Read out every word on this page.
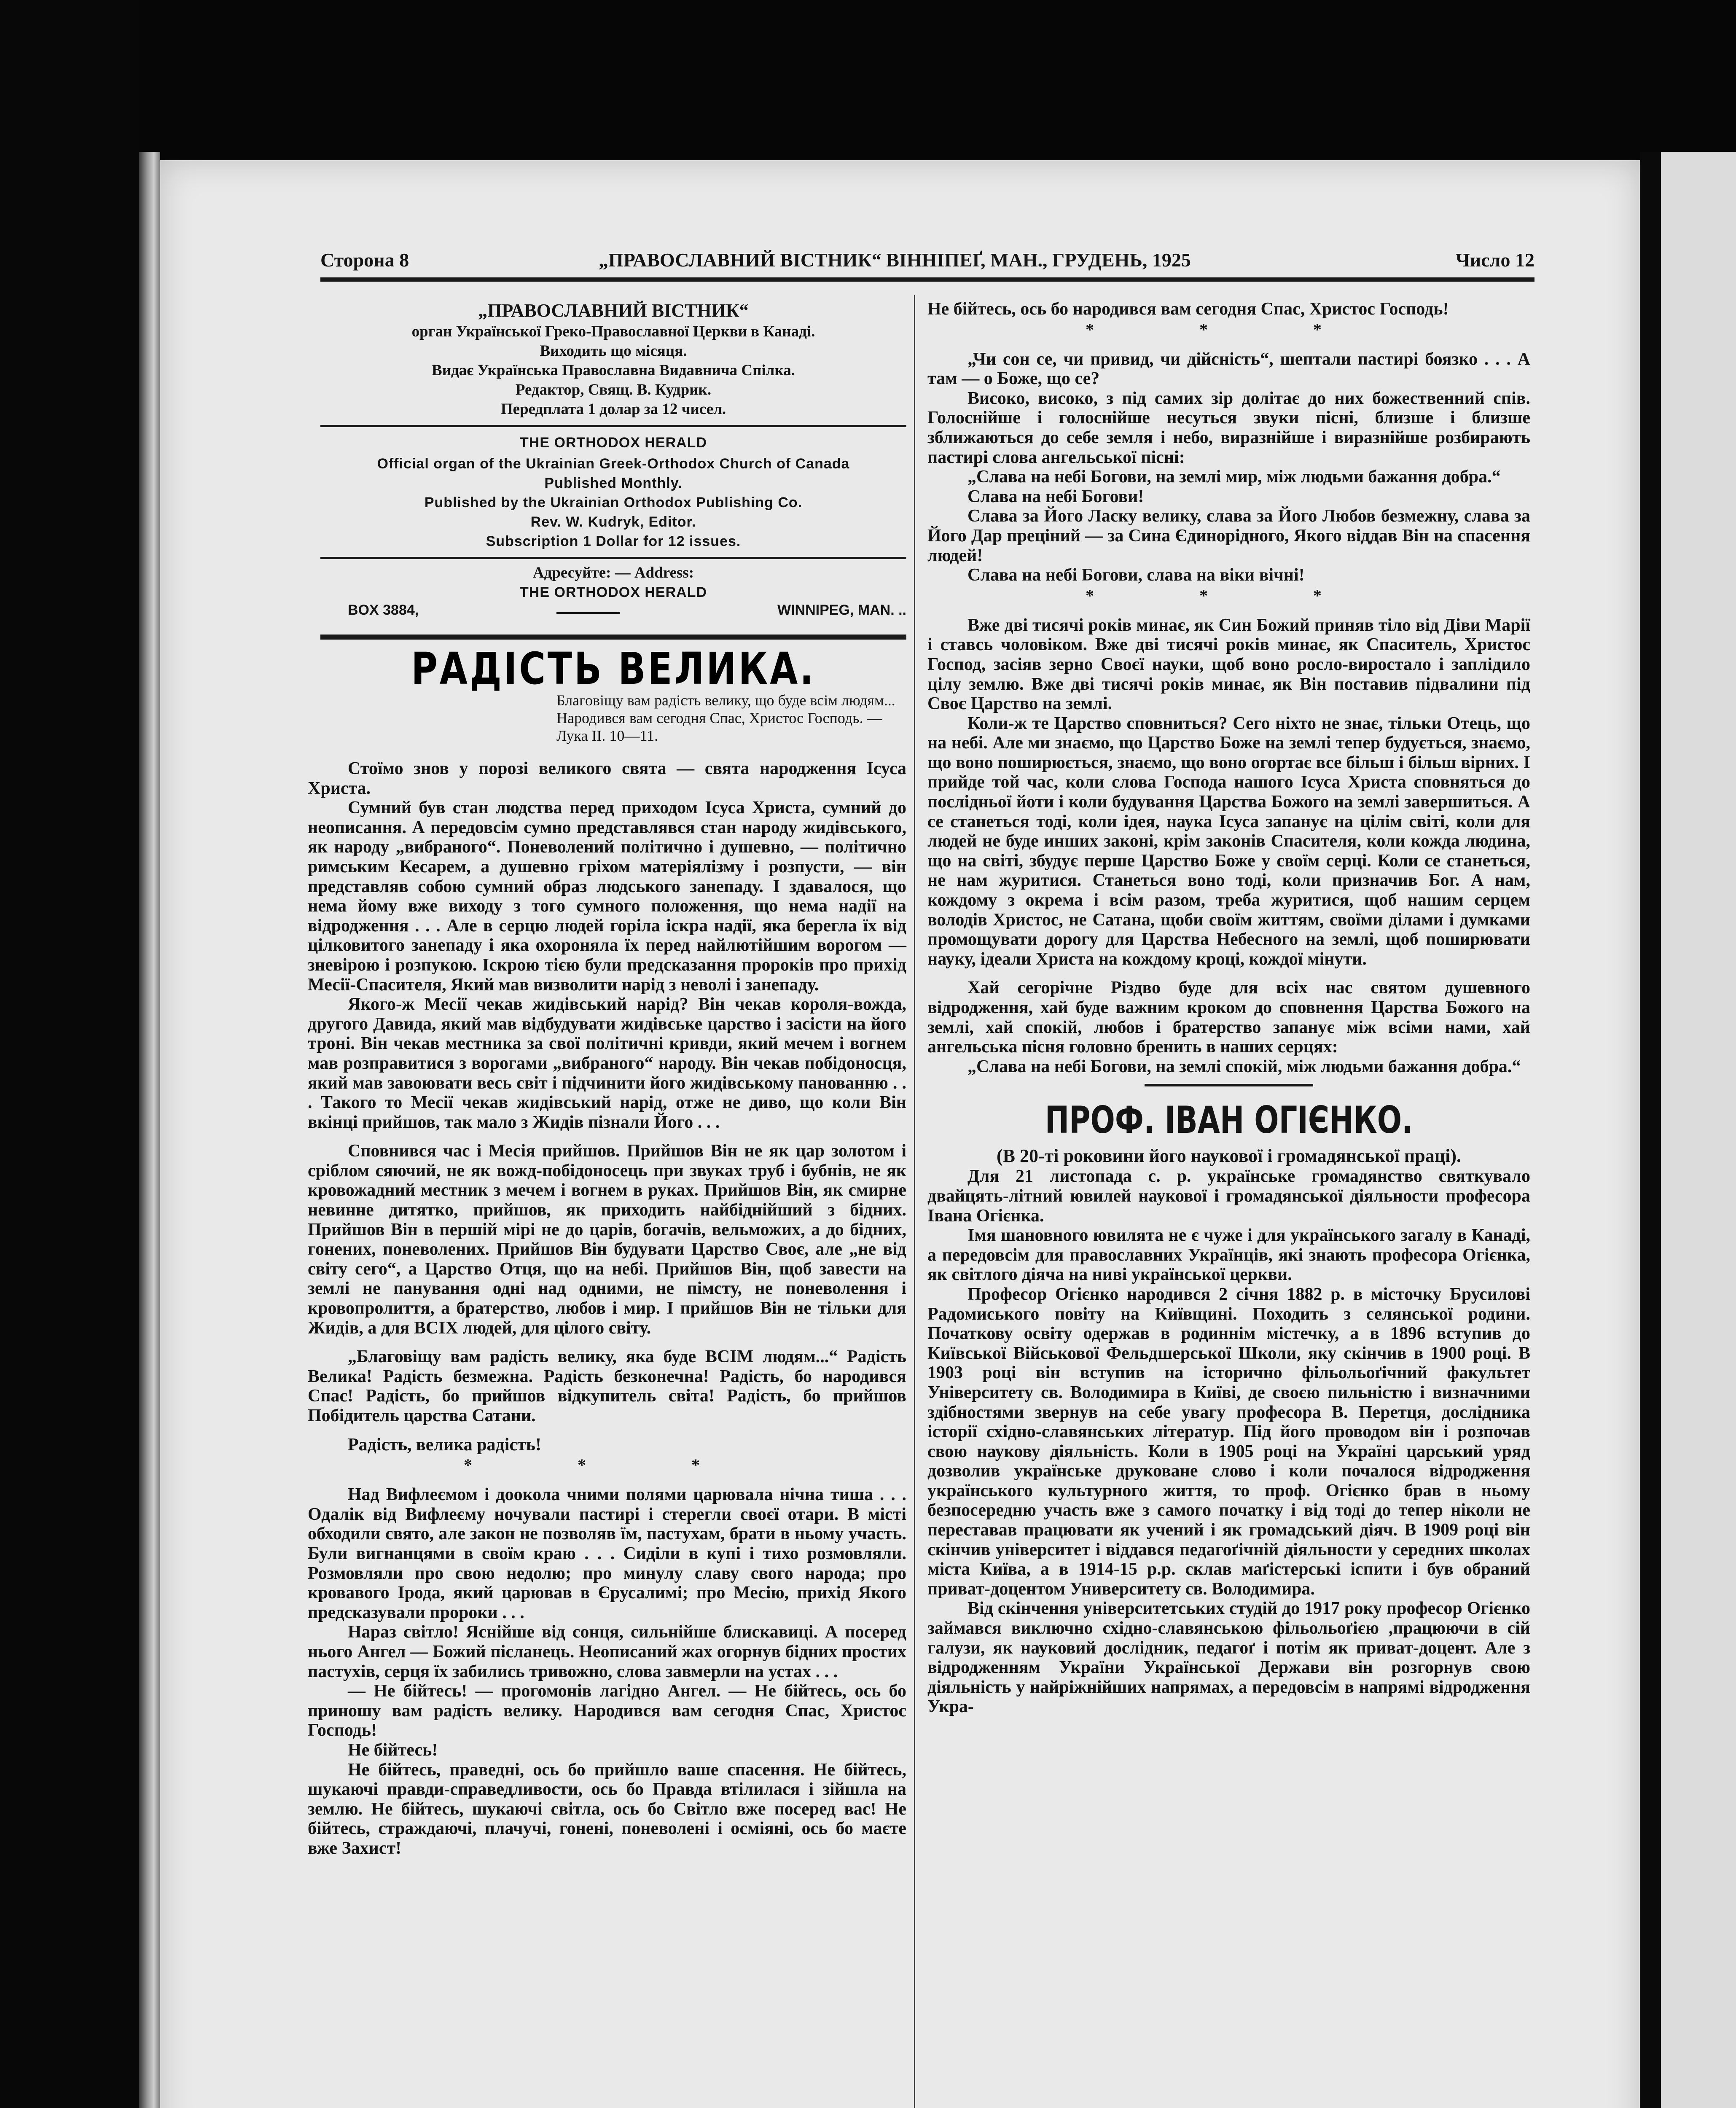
Сторона 8	„ПРАВОСЛАВНИЙ ВІСТНИК“ ВІННІПЕҐ, МАН., ГРУДЕНЬ, 1925	Число 12
„ПРАВОСЛАВНИЙ ВІСТНИК“
орган Української Греко-Православної Церкви в Канаді.
Виходить що місяця.
Видає Українська Православна Видавнича Спілка.
Редактор, Свящ. В. Кудрик.
Передплата 1 долар за 12 чисел.
THE ORTHODOX HERALD
Official organ of the Ukrainian Greek-Orthodox Church of Canada
Published Monthly.
Published by the Ukrainian Orthodox Publishing Co.
Rev. W. Kudryk, Editor.
Subscription 1 Dollar for 12 issues.
Адресуйте: — Address:
THE ORTHODOX HERALD
BOX 3884,	WINNIPEG, MAN. ..
РАДІСТЬ ВЕЛИКА.
Благовіщу вам радість велику, що буде всім людям... Народився вам сегодня Спас, Христос Господь. — Лука II. 10—11.

Стоїмо знов у порозі великого свята — свята народження Ісуса Христа.

Сумний був стан людства перед приходом Ісуса Христа, сумний до неописання. А передовсім сумно представлявся стан народу жидівського, як народу „вибраного“. Поневолений політично і душевно, — політично римським Кесарем, а душевно гріхом матеріялізму і розпусти, — він представляв собою сумний образ людського занепаду. І здавалося, що нема йому вже виходу з того сумного положення, що нема надії на відродження . . . Але в серцю людей горіла іскра надії, яка берегла їх від цілковитого занепаду і яка охороняла їх перед найлютійшим ворогом — зневірою і розпукою. Іскрою тією були предсказання пророків про прихід Месії-Спасителя, Який мав визволити нарід з неволі і занепаду.

Якого-ж Месії чекав жидівський нарід? Він чекав короля-вожда, другого Давида, який мав відбудувати жидівське царство і засісти на його троні. Він чекав местника за свої політичні кривди, який мечем і вогнем мав розправитися з ворогами „вибраного“ народу. Він чекав побідоносця, який мав завоювати весь світ і підчинити його жидівському панованню . . . Такого то Месії чекав жидівський нарід, отже не диво, що коли Він вкінці прийшов, так мало з Жидів пізнали Його . . .

Сповнився час і Месія прийшов. Прийшов Він не як цар золотом і сріблом сяючий, не як вожд-побідоносець при звуках труб і бубнів, не як кровожадний местник з мечем і вогнем в руках. Прийшов Він, як смирне невинне дитятко, прийшов, як приходить найбіднійший з бідних. Прийшов Він в першій мірі не до царів, богачів, вельможих, а до бідних, гонених, поневолених. Прийшов Він будувати Царство Своє, але „не від світу сего“, а Царство Отця, що на небі. Прийшов Він, щоб завести на землі не панування одні над одними, не пімсту, не поневолення і кровопролиття, а братерство, любов і мир. І прийшов Він не тільки для Жидів, а для ВСІХ людей, для цілого світу.

„Благовіщу вам радість велику, яка буде ВСІМ людям...“ Радість Велика! Радість безмежна. Радість безконечна! Радість, бо народився Спас! Радість, бо прийшов відкупитель світа! Радість, бо прийшов Побідитель царства Сатани.

Радість, велика радість!

* * *

Над Вифлеємом і доокола чними полями царювала нічна тиша . . . Одалік від Вифлеєму ночували пастирі і стерегли своєї отари. В місті обходили свято, але закон не позволяв їм, пастухам, брати в ньому участь. Були вигнанцями в своїм краю . . . Сиділи в купі і тихо розмовляли. Розмовляли про свою недолю; про минулу славу свого народа; про кровавого Ірода, який царював в Єрусалимі; про Месію, прихід Якого предсказували пророки . . .

Нараз світло! Яснійше від сонця, сильнійше блискавиці. А посеред нього Ангел — Божий післанець. Неописаний жах огорнув бідних простих пастухів, серця їх забились тривожно, слова завмерли на устах . . .

— Не бійтесь! — прогомонів лагідно Ангел. — Не бійтесь, ось бо приношу вам радість велику. Народився вам сегодня Спас, Христос Господь!

Не бійтесь!

Не бійтесь, праведні, ось бо прийшло ваше спасення. Не бійтесь, шукаючі правди-справедливости, ось бо Правда втілилася і зійшла на землю. Не бійтесь, шукаючі світла, ось бо Світло вже посеред вас! Не бійтесь, страждаючі, плачучі, гонені, поневолені і осміяні, ось бо маєте вже Захист!

Не бійтесь, ось бо народився вам сегодня Спас, Христос Господь!

* * *

„Чи сон се, чи привид, чи дійсність“, шептали пастирі боязко . . . А там — о Боже, що се?

Високо, високо, з під самих зір долітає до них божественний спів. Голоснійше і голоснійше несуться звуки пісні, близше і близше зближаються до себе земля і небо, виразнійше і виразнійше розбирають пастирі слова ангельської пісні:

„Слава на небі Богови, на землі мир, між людьми бажання добра.“

Слава на небі Богови!

Слава за Його Ласку велику, слава за Його Любов безмежну, слава за Його Дар преціний — за Сина Єдинорідного, Якого віддав Він на спасення людей!

Слава на небі Богови, слава на віки вічні!

* * *

Вже дві тисячі років минає, як Син Божий приняв тіло від Діви Марії і ставсь чоловіком. Вже дві тисячі років минає, як Спаситель, Христос Господ, засіяв зерно Своєї науки, щоб воно росло-виростало і заплідило цілу землю. Вже дві тисячі років минає, як Він поставив підвалини під Своє Царство на землі.

Коли-ж те Царство сповниться? Сего ніхто не знає, тільки Отець, що на небі. Але ми знаємо, що Царство Боже на землі тепер будується, знаємо, що воно поширюється, знаємо, що воно огортає все більш і більш вірних. І прийде той час, коли слова Господа нашого Ісуса Христа сповняться до послідньої йоти і коли будування Царства Божого на землі завершиться. А се станеться тоді, коли ідея, наука Ісуса запанує на цілім світі, коли для людей не буде инших законі, крім законів Спасителя, коли кожда людина, що на світі, збудує перше Царство Боже у своїм серці. Коли се станеться, не нам журитися. Станеться воно тоді, коли призначив Бог. А нам, кождому з окрема і всім разом, треба журитися, щоб нашим серцем володів Христос, не Сатана, щоби своїм життям, своїми ділами і думками промощувати дорогу для Царства Небесного на землі, щоб поширювати науку, ідеали Христа на кождому кроці, кождої мінути.

Хай сегорічне Різдво буде для всіх нас святом душевного відродження, хай буде важним кроком до сповнення Царства Божого на землі, хай спокій, любов і братерство запанує між всіми нами, хай ангельська пісня головно бренить в наших серцях:

„Слава на небі Богови, на землі спокій, між людьми бажання добра.“

ПРОФ. ІВАН ОГІЄНКО.
(В 20-ті роковини його наукової і громадянської праці).

Для 21 листопада с. р. українське громадянство святкувало двайцять-літний ювилей наукової і громадянської діяльности професора Івана Огієнка.

Імя шановного ювилята не є чуже і для українського загалу в Канаді, а передовсім для православних Українців, які знають професора Огієнка, як світлого діяча на ниві української церкви.

Професор Огієнко народився 2 січня 1882 р. в місточку Брусилові Радомиського повіту на Київщині. Походить з селянської родини. Початкову освіту одержав в родиннім містечку, а в 1896 вступив до Київської Військової Фельдшерської Школи, яку скінчив в 1900 році. В 1903 році він вступив на історично фільольоґічний факультет Університету св. Володимира в Київі, де своєю пильністю і визначними здібностями звернув на себе увагу професора В. Перетця, дослідника історії східно-славянських літератур. Під його проводом він і розпочав свою наукову діяльність. Коли в 1905 році на Україні царський уряд дозволив українське друковане слово і коли почалося відродження українського культурного життя, то проф. Огієнко брав в ньому безпосередню участь вже з самого початку і від тоді до тепер ніколи не переставав працювати як учений і як громадський діяч. В 1909 році він скінчив університет і віддався педагоґічній діяльности у середних школах міста Київа, а в 1914-15 р.р. склав маґістерські іспити і був обраний приват-доцентом Университету св. Володимира.

Від скінчення університетських студій до 1917 року професор Огієнко займався виключно східно-славянською фільольоґією ,працюючи в сій галузи, як науковий дослідник, педагоґ і потім як приват-доцент. Але з відродженням України Української Держави він розгорнув свою діяльність у найріжнійших напрямах, а передовсім в напрямі відродження Укра-
